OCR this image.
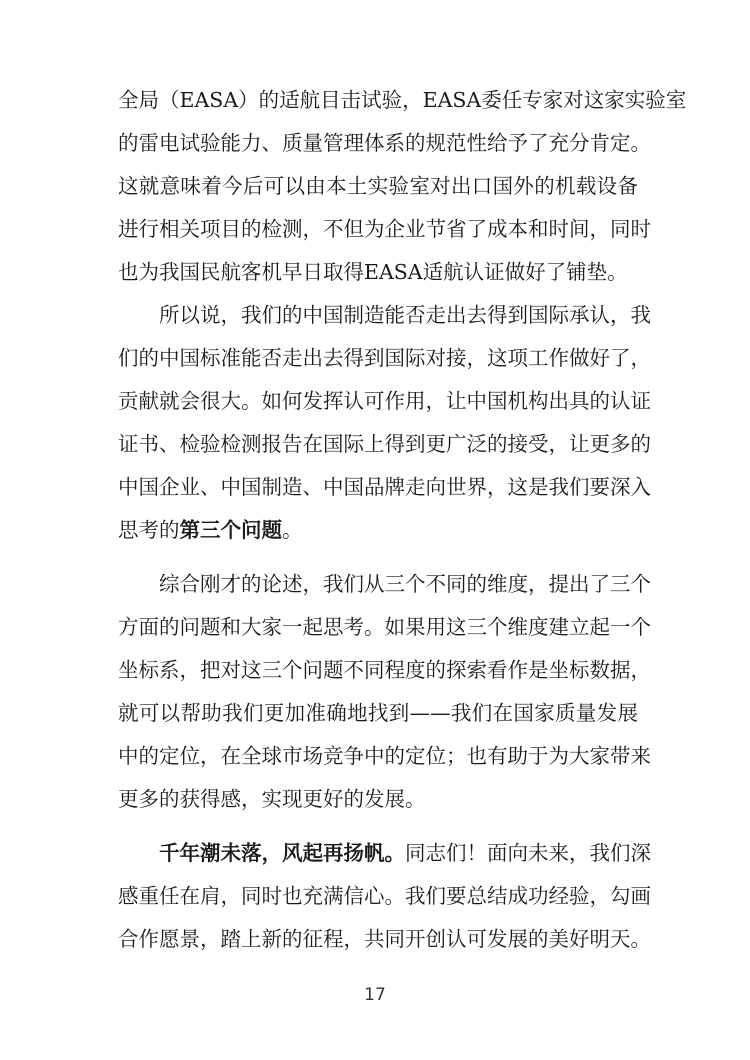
全局（EASA）的适航目击试验，EASA委任专家对这家实验室
的雷电试验能力、质量管理体系的规范性给予了充分肯定。
这就意味着今后可以由本土实验室对出口国外的机载设备
进行相关项目的检测，不但为企业节省了成本和时间，同时
也为我国民航客机早日取得EASA适航认证做好了铺垫。
所以说，我们的中国制造能否走出去得到国际承认，我
们的中国标准能否走出去得到国际对接，这项工作做好了，
贡献就会很大。如何发挥认可作用，让中国机构出具的认证
证书、检验检测报告在国际上得到更广泛的接受，让更多的
中国企业、中国制造、中国品牌走向世界，这是我们要深入
思考的第三个问题。
综合刚才的论述，我们从三个不同的维度，提出了三个
方面的问题和大家一起思考。如果用这三个维度建立起一个
坐标系，把对这三个问题不同程度的探索看作是坐标数据，
就可以帮助我们更加准确地找到——我们在国家质量发展
中的定位，在全球市场竞争中的定位；也有助于为大家带来
更多的获得感，实现更好的发展。
千年潮未落，风起再扬帆。同志们！面向未来，我们深
感重任在肩，同时也充满信心。我们要总结成功经验，勾画
合作愿景，踏上新的征程，共同开创认可发展的美好明天。
17
